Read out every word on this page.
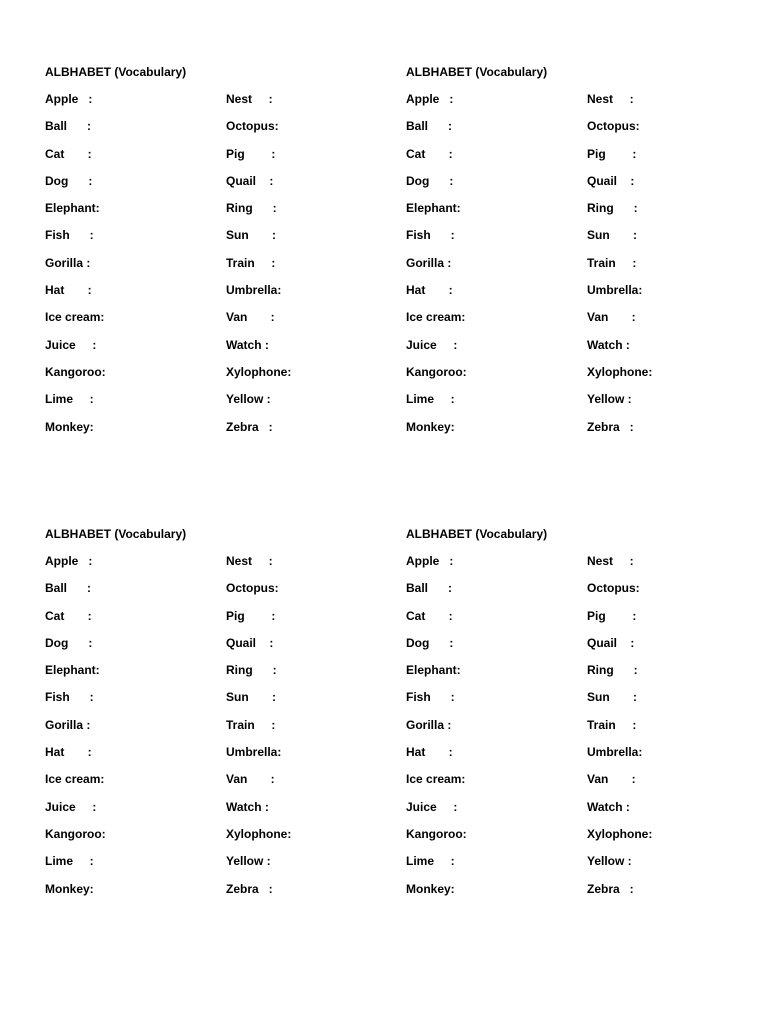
ALBHABET (Vocabulary)
Apple   :	Nest     :
Ball      :	Octopus:
Cat       :	Pig        :
Dog      :	Quail    :
Elephant:	Ring      :
Fish      :	Sun       :
Gorilla :	Train     :
Hat       :	Umbrella:
Ice cream:	Van       :
Juice     :	Watch :
Kangoroo:	Xylophone:
Lime     :	Yellow :
Monkey:	Zebra   :
ALBHABET (Vocabulary)
Apple   :	Nest     :
Ball      :	Octopus:
Cat       :	Pig        :
Dog      :	Quail    :
Elephant:	Ring      :
Fish      :	Sun       :
Gorilla :	Train     :
Hat       :	Umbrella:
Ice cream:	Van       :
Juice     :	Watch :
Kangoroo:	Xylophone:
Lime     :	Yellow :
Monkey:	Zebra   :
ALBHABET (Vocabulary)
Apple   :	Nest     :
Ball      :	Octopus:
Cat       :	Pig        :
Dog      :	Quail    :
Elephant:	Ring      :
Fish      :	Sun       :
Gorilla :	Train     :
Hat       :	Umbrella:
Ice cream:	Van       :
Juice     :	Watch :
Kangoroo:	Xylophone:
Lime     :	Yellow :
Monkey:	Zebra   :
ALBHABET (Vocabulary)
Apple   :	Nest     :
Ball      :	Octopus:
Cat       :	Pig        :
Dog      :	Quail    :
Elephant:	Ring      :
Fish      :	Sun       :
Gorilla :	Train     :
Hat       :	Umbrella:
Ice cream:	Van       :
Juice     :	Watch :
Kangoroo:	Xylophone:
Lime     :	Yellow :
Monkey:	Zebra   :
